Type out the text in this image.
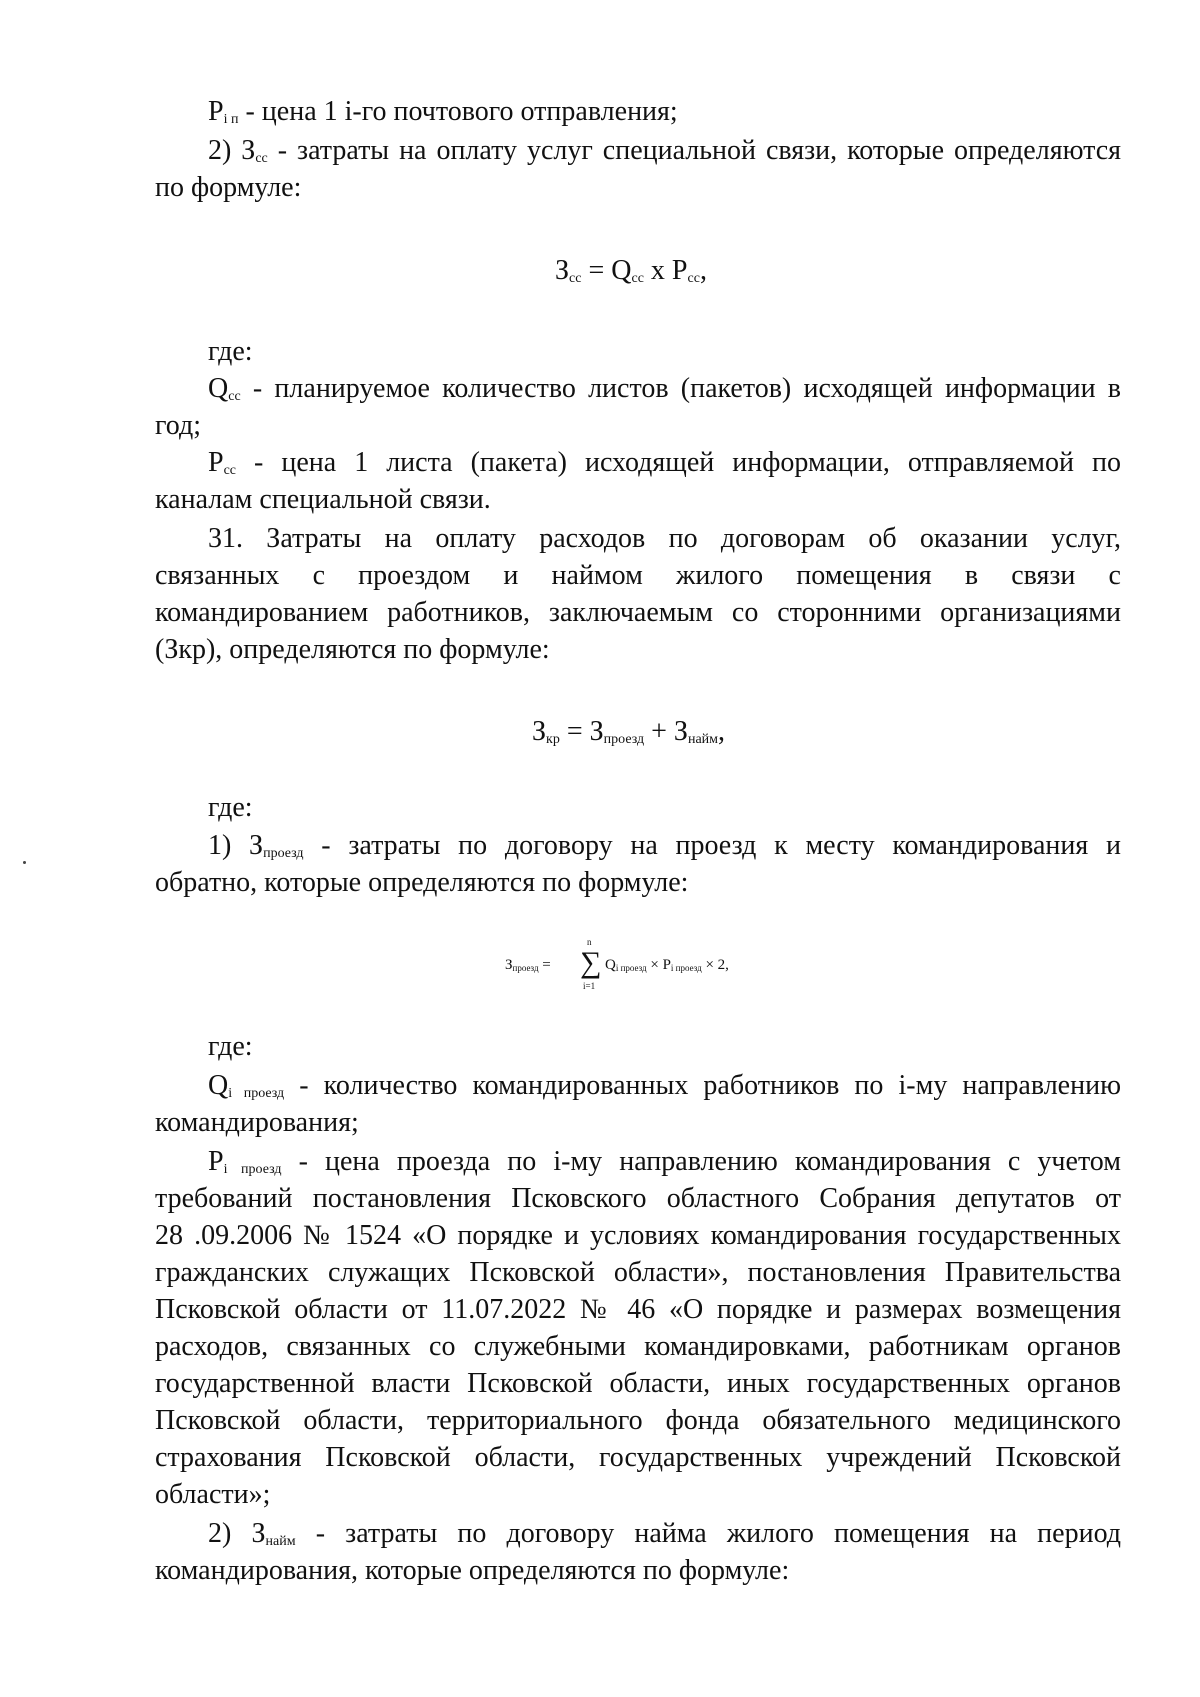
$P_{i п}$ - цена 1 i-го почтового отправления;
2) $З_{сс}$ - затраты на оплату услуг специальной связи, которые определяются
по формуле:
$З_{сс} = Q_{сс}$ х $Р_{сс}$,
где:
$Q_{сс}$ - планируемое количество листов (пакетов) исходящей информации в
год;
$Р_{сс}$ - цена 1 листа (пакета) исходящей информации, отправляемой по
каналам специальной связи.
31. Затраты на оплату расходов по договорам об оказании услуг,
связанных с проездом и наймом жилого помещения в связи с
командированием работников, заключаемым со сторонними организациями
(Зкр), определяются по формуле:
$З_{кр} = З_{проезд} + З_{найм}$,
где:
1) $З_{проезд}$ - затраты по договору на проезд к месту командирования и
обратно, которые определяются по формуле:
$З_{проезд}$ =
n
∑
i=1
$Q_{i проезд} \times P_{i проезд} \times 2$,
где:
$Q_{i проезд}$ - количество командированных работников по i-му направлению
командирования;
$P_{i проезд}$ - цена проезда по i-му направлению командирования с учетом
требований постановления Псковского областного Собрания депутатов от
28 .09.2006 № 1524 «О порядке и условиях командирования государственных
гражданских служащих Псковской области», постановления Правительства
Псковской области от 11.07.2022 № 46 «О порядке и размерах возмещения
расходов, связанных со служебными командировками, работникам органов
государственной власти Псковской области, иных государственных органов
Псковской области, территориального фонда обязательного медицинского
страхования Псковской области, государственных учреждений Псковской
области»;
2) $З_{найм}$ - затраты по договору найма жилого помещения на период
командирования, которые определяются по формуле:
